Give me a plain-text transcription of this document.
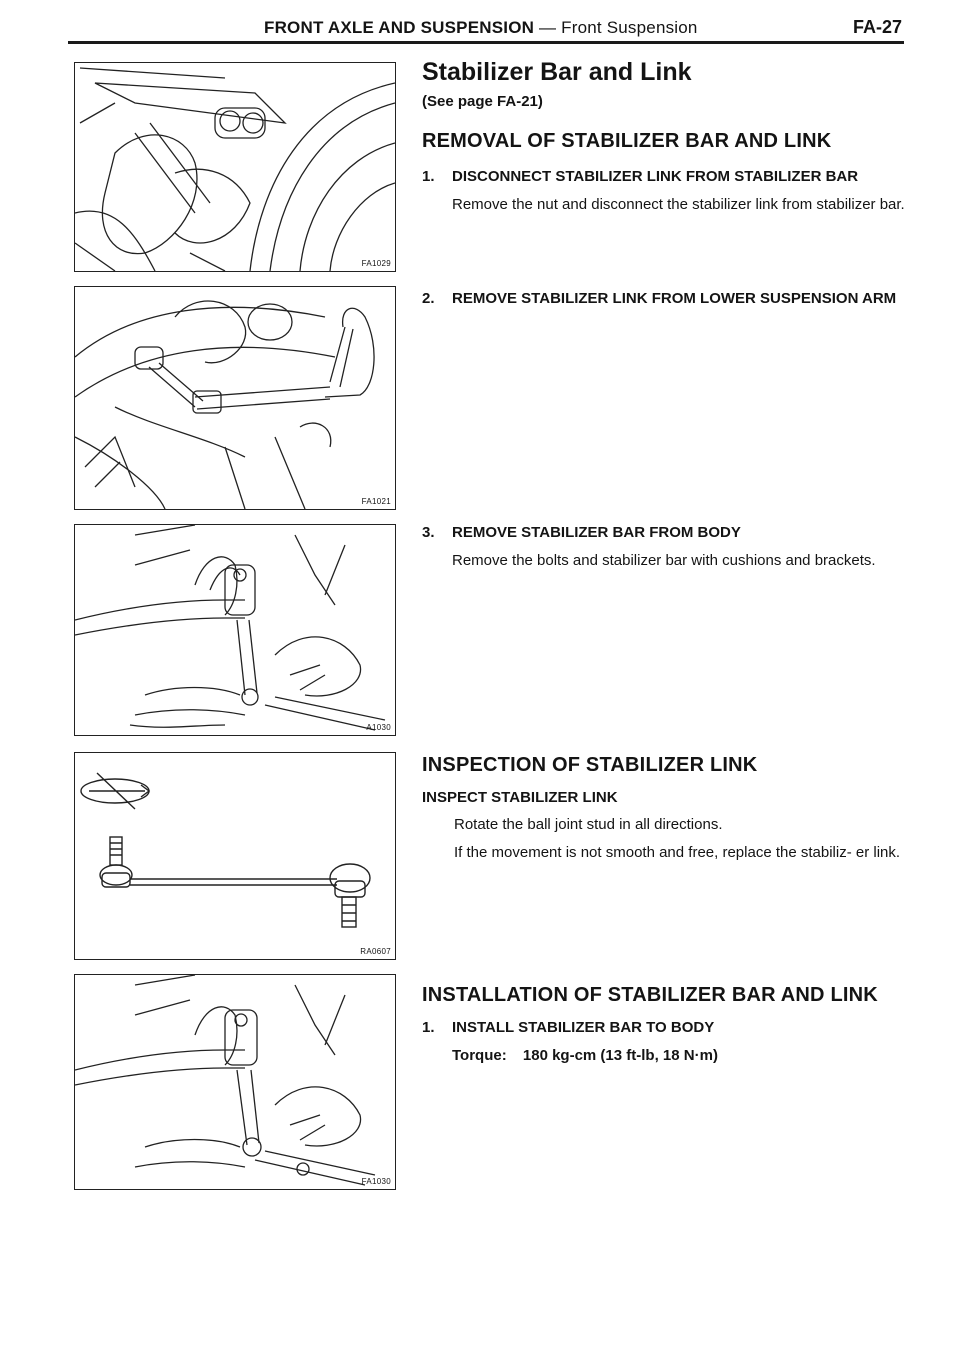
FRONT AXLE AND SUSPENSION — Front Suspension	FA-27
FA1029
FA1021
A1030
RA0607
FA1030
Stabilizer Bar and Link
(See page FA-21)
REMOVAL OF STABILIZER BAR AND LINK
1. DISCONNECT STABILIZER LINK FROM STABILIZER BAR
Remove the nut and disconnect the stabilizer link from stabilizer bar.
2. REMOVE STABILIZER LINK FROM LOWER SUSPENSION ARM
3. REMOVE STABILIZER BAR FROM BODY
Remove the bolts and stabilizer bar with cushions and brackets.
INSPECTION OF STABILIZER LINK
INSPECT STABILIZER LINK
Rotate the ball joint stud in all directions.
If the movement is not smooth and free, replace the stabiliz- er link.
INSTALLATION OF STABILIZER BAR AND LINK
1. INSTALL STABILIZER BAR TO BODY
Torque: 180 kg-cm (13 ft-lb, 18 N·m)
